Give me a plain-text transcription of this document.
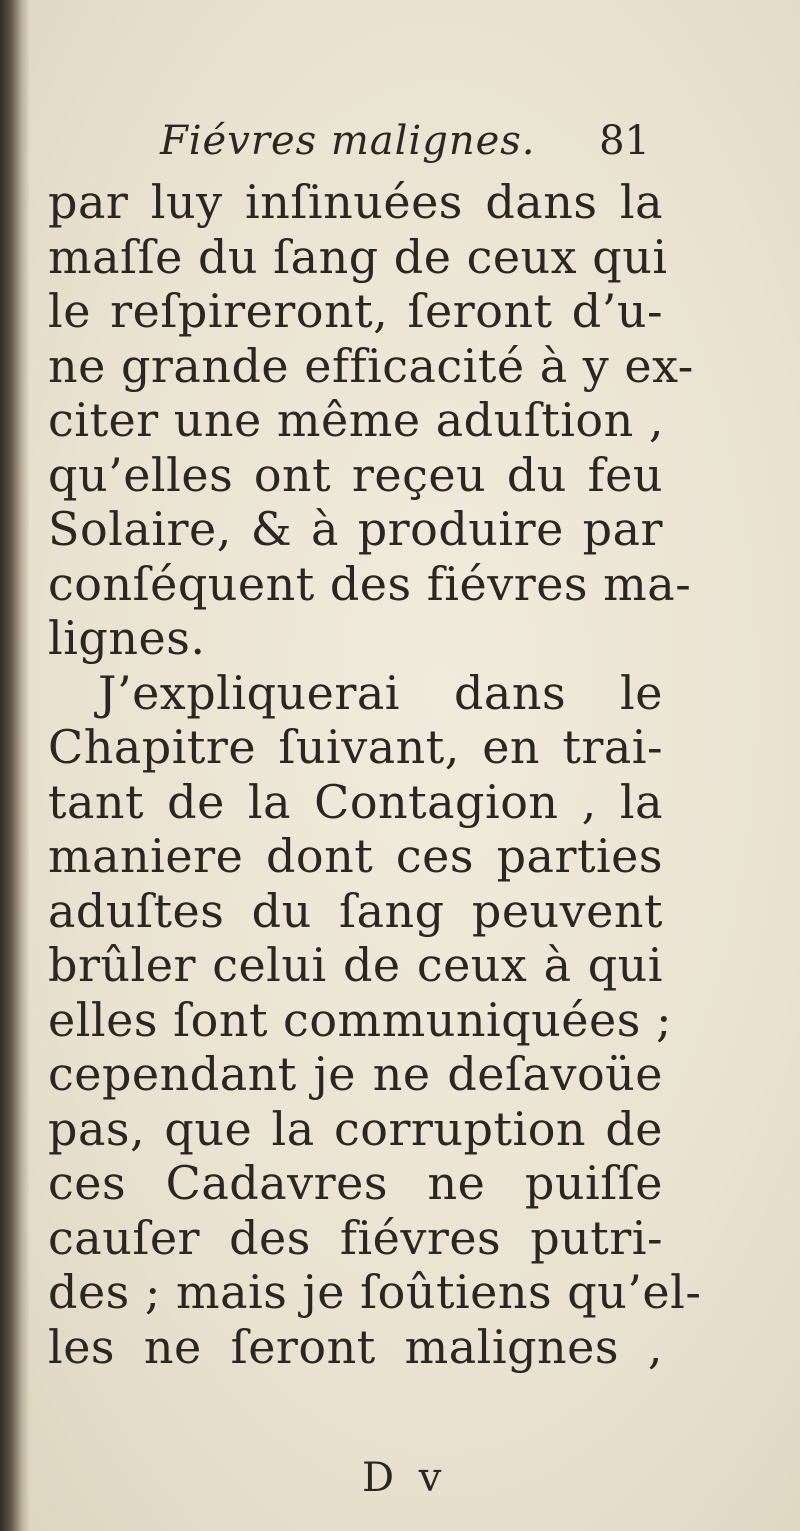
Fiévres malignes. 81
par luy inſinuées dans la
maſſe du ſang de ceux qui
le reſpireront, ſeront d’u-
ne grande efficacité à y ex-
citer une même aduſtion ,
qu’elles ont reçeu du feu
Solaire, & à produire par
conſéquent des fiévres ma-
lignes.
J’expliquerai dans le
Chapitre ſuivant, en trai-
tant de la Contagion , la
maniere dont ces parties
aduſtes du ſang peuvent
brûler celui de ceux à qui
elles ſont communiquées ;
cependant je ne deſavoüe
pas, que la corruption de
ces Cadavres ne puiſſe
cauſer des fiévres putri-
des ; mais je ſoûtiens qu’el-
les ne ſeront malignes ,
D v
